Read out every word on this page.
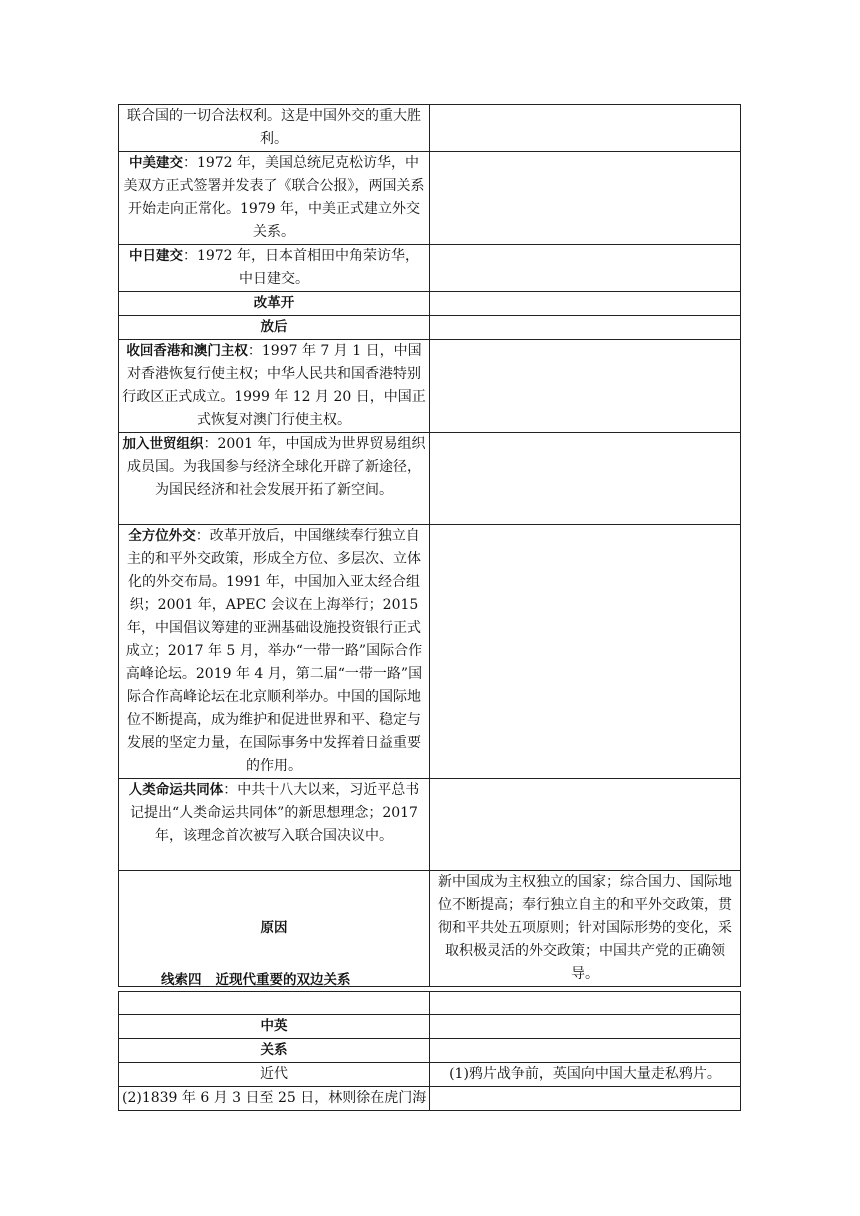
联合国的一切合法权利。这是中国外交的重大胜利。	
中美建交：1972 年，美国总统尼克松访华，中美双方正式签署并发表了《联合公报》，两国关系开始走向正常化。1979 年，中美正式建立外交关系。	
中日建交：1972 年，日本首相田中角荣访华，中日建交。	
改革开	
放后	
收回香港和澳门主权：1997 年 7 月 1 日，中国对香港恢复行使主权；中华人民共和国香港特别行政区正式成立。1999 年 12 月 20 日，中国正式恢复对澳门行使主权。	
加入世贸组织：2001 年，中国成为世界贸易组织成员国。为我国参与经济全球化开辟了新途径，为国民经济和社会发展开拓了新空间。	
全方位外交：改革开放后，中国继续奉行独立自主的和平外交政策，形成全方位、多层次、立体化的外交布局。1991 年，中国加入亚太经合组织；2001 年，APEC 会议在上海举行；2015 年，中国倡议筹建的亚洲基础设施投资银行正式成立；2017 年 5 月，举办“一带一路”国际合作高峰论坛。2019 年 4 月，第二届“一带一路”国际合作高峰论坛在北京顺利举办。中国的国际地位不断提高，成为维护和促进世界和平、稳定与发展的坚定力量，在国际事务中发挥着日益重要的作用。	
人类命运共同体：中共十八大以来，习近平总书记提出“人类命运共同体”的新思想理念；2017 年，该理念首次被写入联合国决议中。	
原因	新中国成为主权独立的国家；综合国力、国际地位不断提高；奉行独立自主的和平外交政策，贯彻和平共处五项原则；针对国际形势的变化，采取积极灵活的外交政策；中国共产党的正确领导。
线索四 近现代重要的双边关系

中英	
关系	
近代	(1)鸦片战争前，英国向中国大量走私鸦片。
(2)1839 年 6 月 3 日至 25 日，林则徐在虎门海	
